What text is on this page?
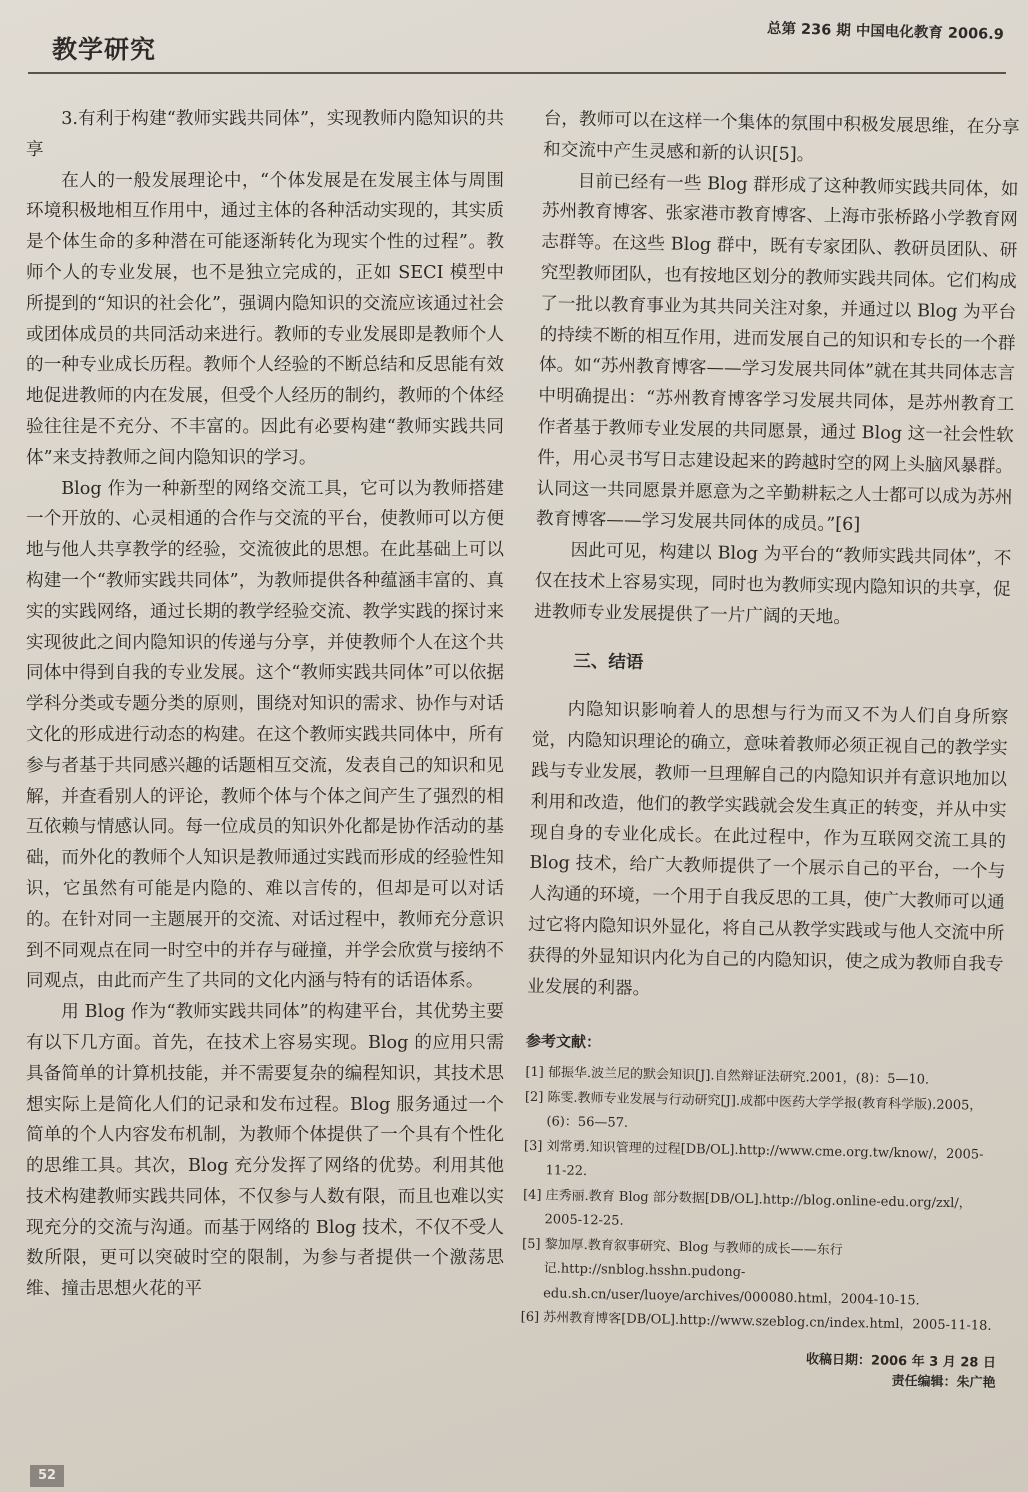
教学研究
总第 236 期 中国电化教育 2006.9

3.有利于构建“教师实践共同体”，实现教师内隐知识的共享

在人的一般发展理论中，“个体发展是在发展主体与周围环境积极地相互作用中，通过主体的各种活动实现的，其实质是个体生命的多种潜在可能逐渐转化为现实个性的过程”。教师个人的专业发展，也不是独立完成的，正如 SECI 模型中所提到的“知识的社会化”，强调内隐知识的交流应该通过社会或团体成员的共同活动来进行。教师的专业发展即是教师个人的一种专业成长历程。教师个人经验的不断总结和反思能有效地促进教师的内在发展，但受个人经历的制约，教师的个体经验往往是不充分、不丰富的。因此有必要构建“教师实践共同体”来支持教师之间内隐知识的学习。

Blog 作为一种新型的网络交流工具，它可以为教师搭建一个开放的、心灵相通的合作与交流的平台，使教师可以方便地与他人共享教学的经验，交流彼此的思想。在此基础上可以构建一个“教师实践共同体”，为教师提供各种蕴涵丰富的、真实的实践网络，通过长期的教学经验交流、教学实践的探讨来实现彼此之间内隐知识的传递与分享，并使教师个人在这个共同体中得到自我的专业发展。这个“教师实践共同体”可以依据学科分类或专题分类的原则，围绕对知识的需求、协作与对话文化的形成进行动态的构建。在这个教师实践共同体中，所有参与者基于共同感兴趣的话题相互交流，发表自己的知识和见解，并查看别人的评论，教师个体与个体之间产生了强烈的相互依赖与情感认同。每一位成员的知识外化都是协作活动的基础，而外化的教师个人知识是教师通过实践而形成的经验性知识，它虽然有可能是内隐的、难以言传的，但却是可以对话的。在针对同一主题展开的交流、对话过程中，教师充分意识到不同观点在同一时空中的并存与碰撞，并学会欣赏与接纳不同观点，由此而产生了共同的文化内涵与特有的话语体系。

用 Blog 作为“教师实践共同体”的构建平台，其优势主要有以下几方面。首先，在技术上容易实现。Blog 的应用只需具备简单的计算机技能，并不需要复杂的编程知识，其技术思想实际上是简化人们的记录和发布过程。Blog 服务通过一个简单的个人内容发布机制，为教师个体提供了一个具有个性化的思维工具。其次，Blog 充分发挥了网络的优势。利用其他技术构建教师实践共同体，不仅参与人数有限，而且也难以实现充分的交流与沟通。而基于网络的 Blog 技术，不仅不受人数所限，更可以突破时空的限制，为参与者提供一个激荡思维、撞击思想火花的平

台，教师可以在这样一个集体的氛围中积极发展思维，在分享和交流中产生灵感和新的认识[5]。

目前已经有一些 Blog 群形成了这种教师实践共同体，如苏州教育博客、张家港市教育博客、上海市张桥路小学教育网志群等。在这些 Blog 群中，既有专家团队、教研员团队、研究型教师团队，也有按地区划分的教师实践共同体。它们构成了一批以教育事业为其共同关注对象，并通过以 Blog 为平台的持续不断的相互作用，进而发展自己的知识和专长的一个群体。如“苏州教育博客——学习发展共同体”就在其共同体志言中明确提出：“苏州教育博客学习发展共同体，是苏州教育工作者基于教师专业发展的共同愿景，通过 Blog 这一社会性软件，用心灵书写日志建设起来的跨越时空的网上头脑风暴群。认同这一共同愿景并愿意为之辛勤耕耘之人士都可以成为苏州教育博客——学习发展共同体的成员。”[6]

因此可见，构建以 Blog 为平台的“教师实践共同体”，不仅在技术上容易实现，同时也为教师实现内隐知识的共享，促进教师专业发展提供了一片广阔的天地。

三、结语

内隐知识影响着人的思想与行为而又不为人们自身所察觉，内隐知识理论的确立，意味着教师必须正视自己的教学实践与专业发展，教师一旦理解自己的内隐知识并有意识地加以利用和改造，他们的教学实践就会发生真正的转变，并从中实现自身的专业化成长。在此过程中，作为互联网交流工具的 Blog 技术，给广大教师提供了一个展示自己的平台，一个与人沟通的环境，一个用于自我反思的工具，使广大教师可以通过它将内隐知识外显化，将自己从教学实践或与他人交流中所获得的外显知识内化为自己的内隐知识，使之成为教师自我专业发展的利器。

参考文献：
[1] 郁振华.波兰尼的默会知识[J].自然辩证法研究.2001，(8)：5—10.
[2] 陈雯.教师专业发展与行动研究[J].成都中医药大学学报(教育科学版).2005，(6)：56—57.
[3] 刘常勇.知识管理的过程[DB/OL].http://www.cme.org.tw/know/，2005-11-22.
[4] 庄秀丽.教育 Blog 部分数据[DB/OL].http://blog.online-edu.org/zxl/，2005-12-25.
[5] 黎加厚.教育叙事研究、Blog 与教师的成长——东行记.http://snblog.hsshn.pudong-edu.sh.cn/user/luoye/archives/000080.html，2004-10-15.
[6] 苏州教育博客[DB/OL].http://www.szeblog.cn/index.html，2005-11-18.
收稿日期：2006 年 3 月 28 日
责任编辑：朱广艳
52
